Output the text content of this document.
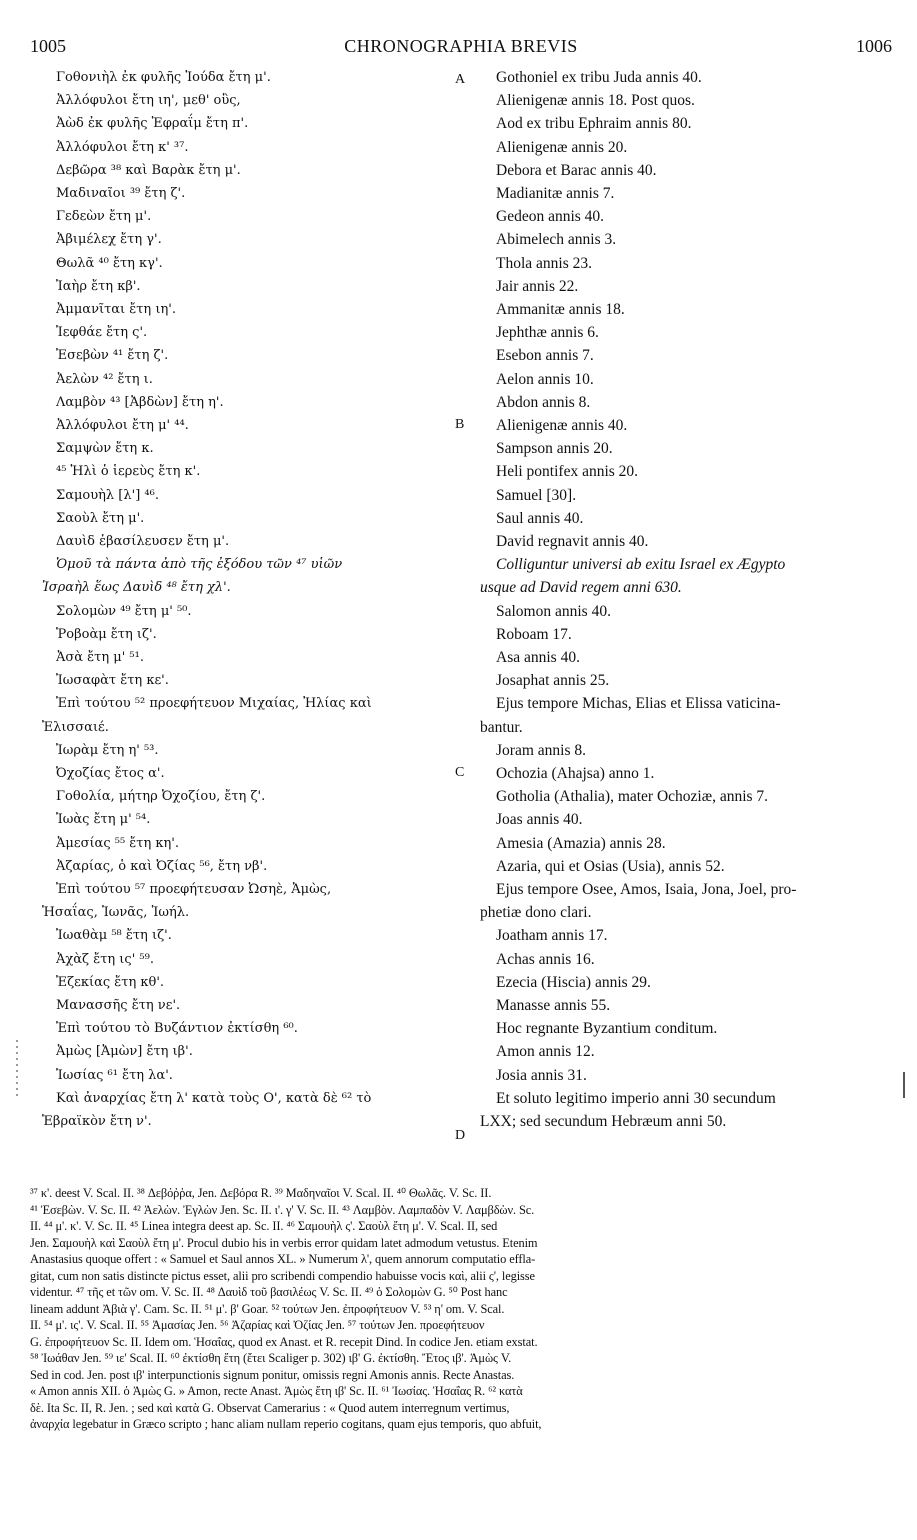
1005	CHRONOGRAPHIA BREVIS	1006
Γοθονιὴλ ἐκ φυλῆς Ἰούδα ἔτη μ'.
Ἀλλόφυλοι ἔτη ιη', μεθ' οὓς,
Ἀὼδ ἐκ φυλῆς Ἐφραΐμ ἔτη π'.
Ἀλλόφυλοι ἔτη κ' ³⁷.
Δεβῶρα ³⁸ καὶ Βαρὰκ ἔτη μ'.
Μαδιναῖοι ³⁹ ἔτη ζ'.
Γεδεὼν ἔτη μ'.
Ἀβιμέλεχ ἔτη γ'.
Θωλᾶ ⁴⁰ ἔτη κγ'.
Ἰαὴρ ἔτη κβ'.
Ἀμμανῖται ἔτη ιη'.
Ἰεφθάε ἔτη ς'.
Ἐσεβὼν ⁴¹ ἔτη ζ'.
Ἀελὼν ⁴² ἔτη ι.
Λαμβὸν ⁴³ [Ἀβδὼν] ἔτη η'.
Ἀλλόφυλοι ἔτη μ' ⁴⁴.
Σαμψὼν ἔτη κ.
⁴⁵ Ἡλὶ ὁ ἱερεὺς ἔτη κ'.
Σαμουὴλ [λ'] ⁴⁶.
Σαοὺλ ἔτη μ'.
Δαυὶδ ἐβασίλευσεν ἔτη μ'.
Ὁμοῦ τὰ πάντα ἀπὸ τῆς ἐξόδου τῶν ⁴⁷ υἱῶν
Ἰσραὴλ ἕως Δαυὶδ ⁴⁸ ἔτη χλ'.
Σολομὼν ⁴⁹ ἔτη μ' ⁵⁰.
Ῥοβοὰμ ἔτη ιζ'.
Ἀσὰ ἔτη μ' ⁵¹.
Ἰωσαφὰτ ἔτη κε'.
Ἐπὶ τούτου ⁵² προεφήτευον Μιχαίας, Ἠλίας καὶ
Ἐλισσαιέ.
Ἰωρὰμ ἔτη η' ⁵³.
Ὀχοζίας ἔτος α'.
Γοθολία, μήτηρ Ὀχοζίου, ἔτη ζ'.
Ἰωὰς ἔτη μ' ⁵⁴.
Ἀμεσίας ⁵⁵ ἔτη κη'.
Ἀζαρίας, ὁ καὶ Ὀζίας ⁵⁶, ἔτη νβ'.
Ἐπὶ τούτου ⁵⁷ προεφήτευσαν Ὠσηὲ, Ἀμὼς,
Ἡσαΐας, Ἰωνᾶς, Ἰωήλ.
Ἰωαθὰμ ⁵⁸ ἔτη ιζ'.
Ἀχὰζ ἔτη ις' ⁵⁹.
Ἐζεκίας ἔτη κθ'.
Μανασσῆς ἔτη νε'.
Ἐπὶ τούτου τὸ Βυζάντιον ἐκτίσθη ⁶⁰.
Ἀμὼς [Ἀμὼν] ἔτη ιβ'.
Ἰωσίας ⁶¹ ἔτη λα'.
Καὶ ἀναρχίας ἔτη λ' κατὰ τοὺς Ο', κατὰ δὲ ⁶² τὸ
Ἑβραϊκὸν ἔτη ν'.
Gothoniel ex tribu Juda annis 40.
Alienigenæ annis 18. Post quos.
Aod ex tribu Ephraim annis 80.
Alienigenæ annis 20.
Debora et Barac annis 40.
Madianitæ annis 7.
Gedeon annis 40.
Abimelech annis 3.
Thola annis 23.
Jair annis 22.
Ammanitæ annis 18.
Jephthæ annis 6.
Esebon annis 7.
Aelon annis 10.
Abdon annis 8.
Alienigenæ annis 40.
Sampson annis 20.
Heli pontifex annis 20.
Samuel [30].
Saul annis 40.
David regnavit annis 40.
Colliguntur universi ab exitu Israel ex Ægypto
usque ad David regem anni 630.
Salomon annis 40.
Roboam 17.
Asa annis 40.
Josaphat annis 25.
Ejus tempore Michas, Elias et Elissa vaticina-
bantur.
Joram annis 8.
Ochozia (Ahajsa) anno 1.
Gotholia (Athalia), mater Ochoziæ, annis 7.
Joas annis 40.
Amesia (Amazia) annis 28.
Azaria, qui et Osias (Usia), annis 52.
Ejus tempore Osee, Amos, Isaia, Jona, Joel, pro-
phetiæ dono clari.
Joatham annis 17.
Achas annis 16.
Ezecia (Hiscia) annis 29.
Manasse annis 55.
Hoc regnante Byzantium conditum.
Amon annis 12.
Josia annis 31.
Et soluto legitimo imperio anni 30 secundum
LXX; sed secundum Hebræum anni 50.
A
B
C
D
³⁷ κ'. deest V. Scal. II. ³⁸ Δεβόῤῥα, Jen. Δεβόρα R. ³⁹ Μαδηναῖοι V. Scal. II. ⁴⁰ Θωλᾶς. V. Sc. II.
⁴¹ Ἐσεβὼν. V. Sc. II. ⁴² Ἀελὼν. Ἐγλὼν Jen. Sc. II. ι'. γ' V. Sc. II. ⁴³ Λαμβὸν. Λαμπαδὸν V. Λαμβδὼν. Sc.
II. ⁴⁴ μ'. κ'. V. Sc. II. ⁴⁵ Linea integra deest ap. Sc. II. ⁴⁶ Σαμουὴλ ς'. Σαοὺλ ἔτη μ'. V. Scal. II, sed
Jen. Σαμουὴλ καὶ Σαοὺλ ἔτη μ'. Procul dubio his in verbis error quidam latet admodum vetustus. Etenim
Anastasius quoque offert : « Samuel et Saul annos XL. » Numerum λ', quem annorum computatio effla-
gitat, cum non satis distincte pictus esset, alii pro scribendi compendio habuisse vocis καὶ, alii ς', legisse
videntur. ⁴⁷ τῆς et τῶν om. V. Sc. II. ⁴⁸ Δαυὶδ τοῦ βασιλέως V. Sc. II. ⁴⁹ ὁ Σολομὼν G. ⁵⁰ Post hanc
lineam addunt Ἀβιὰ γ'. Cam. Sc. II. ⁵¹ μ'. β' Goar. ⁵² τούτων Jen. ἐπροφήτευον V. ⁵³ η' om. V. Scal.
II. ⁵⁴ μ'. ις'. V. Scal. II. ⁵⁵ Ἀμασίας Jen. ⁵⁶ Ἀζαρίας καὶ Ὀζίας Jen. ⁵⁷ τούτων Jen. προεφήτευον
G. ἐπροφήτευον Sc. II. Idem om. Ἡσαΐας, quod ex Anast. et R. recepit Dind. In codice Jen. etiam exstat.
⁵⁸ Ἰωάθαν Jen. ⁵⁹ ιε' Scal. II. ⁶⁰ ἐκτίσθη ἔτη (ἔτει Scaliger p. 302) ιβ' G. ἐκτίσθη. Ἔτος ιβ'. Ἀμὼς V.
Sed in cod. Jen. post ιβ' interpunctionis signum ponitur, omissis regni Amonis annis. Recte Anastas.
« Amon annis XII. ὁ Ἀμὼς G. » Amon, recte Anast. Ἀμὼς ἔτη ιβ' Sc. II. ⁶¹ Ἰωσίας. Ἡσαΐας R. ⁶² κατὰ
δὲ. Ita Sc. II, R. Jen. ; sed καὶ κατὰ G. Observat Camerarius : « Quod autem interregnum vertimus,
ἀναρχία legebatur in Græco scripto ; hanc aliam nullam reperio cogitans, quam ejus temporis, quo abfuit,
